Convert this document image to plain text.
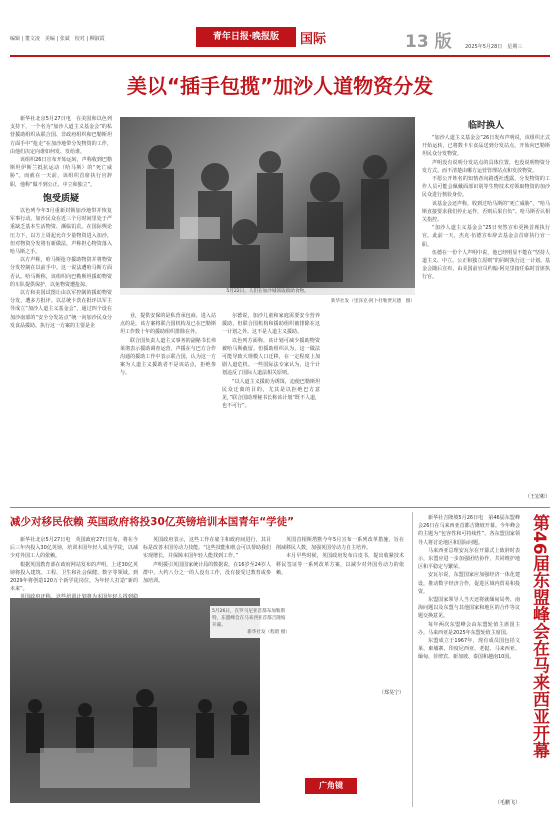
编辑 | 董文凌　美编 | 张斌　校对 | 柳淑霞	青年日报·晚报版	国际	13 版	2025年5月28日　星期三
美以“插手包揽”加沙人道物资分发

新华社北京5月27日电　在美国和以色列支持下，一个名为“加沙人道主义基金会”的私营援助组织从联合国、非政府组织和巴勒斯坦方面手中“抢走”在加沙地带分发物资的工作，由他们决定向谁如何发、发给谁。

该组织26日宣布开始运转，声称收到巴勒斯坦伊斯兰抵抗运动（哈马斯）的“死亡威胁”。而就在一天前，该组织首席执行官辞职，他称“做不到公正、中立和独立”。

饱受质疑

以色列今年3月重新封锁加沙地带并恢复军事行动。加沙民众在近三个月时间里处于严重缺乏基本生活物资、濒临饥荒。在国际舆论压力下，以方上周起允许少量物资进入加沙，但对物资分发将有新做法，声称担心物资落入哈马斯之手。

以方声称，哈马斯抢夺援助物资并将物资分发控制在以前手中。这一说法遭哈马斯方面否认。哈马斯称，该组织向巴勒斯坦援助物资的车队提供保护，以免物资遭抢掠。

以方和美国试图让由以军控制的援助物资分发，遭多方批评。以总统卡茨在批评以军主导成立“加沙人道主义基金会”，通过四个设在加沙南部的“安全分发站点”统一向加沙民众分发食品援助。执行这一方案的主要是企

5月22日，人们在加沙城领取救助食物。
新华社发（里泽克·阿卜杜勒贾瓦德　摄）

业，提供安保的是私营承包商。进入站点的是，该方案将联合国机构及已在巴勒斯坦工作数十年的援助组织排除在外。

联合国负责人道主义事务的副秘书长弗莱彻表示援助调查运营，声援在与巴方合作沟通的援助工作中表示联合国，认为这一方案为人道主义援助者不是该站点，拒绝参与。

尔德说，加沙儿童和家庭需要安全营养援助，但联合国机构和援助组织被排除在这一计划之外。这不是人道主义援助。

以色列方面称，该计划可减少援助物资被哈马斯截留。但援助组织认为，这一做法可能导致大规模人口迁移，在一定程度上加剧人道危机。一些国际法专家认为，这个计划违反了国际人道法相关原则。

“以人道主义援助为诱饵，迫使巴勒斯坦民众迁离的目的，尤其是以拒绝巴方意见，”联合国助理秘书长称该计划“既不人道，也不可行”。

临时换人

“加沙人道主义基金会”26日发布声明说，该组织正式开始运转，已将数卡车食品送到分发站点，开始向巴勒斯坦民众分发物资。

声明没有说明分发站点的具体位置，也没说明物资分发方式。而不清楚由哪方运营管理站点和发放物资。

不愿公开姓名的知情者向路透社透露，分发物资的工作人员可能会佩戴面部识别等生物技术对领取物资的加沙民众进行核验身份。

该基金会还声称，收到过哈马斯的“死亡威胁”，“哈马斯直接要求我们停止运作，否则后果自负”。哈马斯否认相关指控。

“加沙人道主义基金会”25日突然宣布更换首席执行官。此前一天，杰克·伍德宣布辞去基金会首席执行官一职。

伍德在一份个人声明中说，他已经明显不能在“坚持人道主义、中立、公正和独立原则”的同时执行这一计划。基金会随后宣布，由美国前官员约翰·阿克里接任临时首席执行官。

（王宏彬）
减少对移民依赖 英国政府将投30亿英镑培训本国青年“学徒”

新华社北京5月27日电　英国政府27日宣布，将在今后三年内投入30亿英镑，培训本国年轻人成为学徒，以减少对外国工人的依赖。

根据英国教育部在政府网站发布的声明，上述30亿英镑将投入建筑、工程、卫生和社会保健、数字等领域。到2029年将创造120万个新学徒岗位，为年轻人打造“新的未来”。

英国政府表示，这些工作在雇主和政府间进行，其目标是改善本国劳动力技能。“这些技能和机会可以帮助我们实现增长，并保障本国年轻人能找到工作。”

声明援引英国国家统计局的数据说，在16岁至24岁人群中，大约八分之一的人没有工作，没有接受过教育或参加培训。

英国首相斯塔默今年5月宣布一系列改革措施，旨在削减移民人数，加强英国劳动力自主培养。

本月早些时候，英国政府发布白皮书，提出收紧技术移民签证等一系列改革方案，以减少对外国劳动力的依赖。

（郑昊宁）
5月26日，在罗马尼亚首都布加勒斯特，东盟峰会在马来西亚首都吉隆坡开幕。
新华社发（程昭 摄）
广角镜

新华社吉隆坡5月26日电　第46届东盟峰会26日在马来西亚首都吉隆坡开幕。今年峰会的主题为“包容性和可持续性”。各东盟国家领导人将讨论地区和国际问题。

马来西亚总理安瓦尔在开幕式上致辞时表示，东盟应进一步加强团结协作，共同维护地区和平稳定与繁荣。

安瓦尔说，东盟国家应加强经济一体化建设，推动数字经济合作，促进区域内贸易和投资。

东盟国家领导人当天还将就缅甸局势、南海问题以及东盟与其他国家和地区的合作等议题交换意见。

每年两次东盟峰会由东盟轮值主席国主办。马来西亚是2025年东盟轮值主席国。

东盟成立于1967年，现有成员国包括文莱、柬埔寨、印度尼西亚、老挝、马来西亚、缅甸、菲律宾、新加坡、泰国和越南10国。 第46届东盟峰会在马来西亚开幕
（毛鹏飞）
